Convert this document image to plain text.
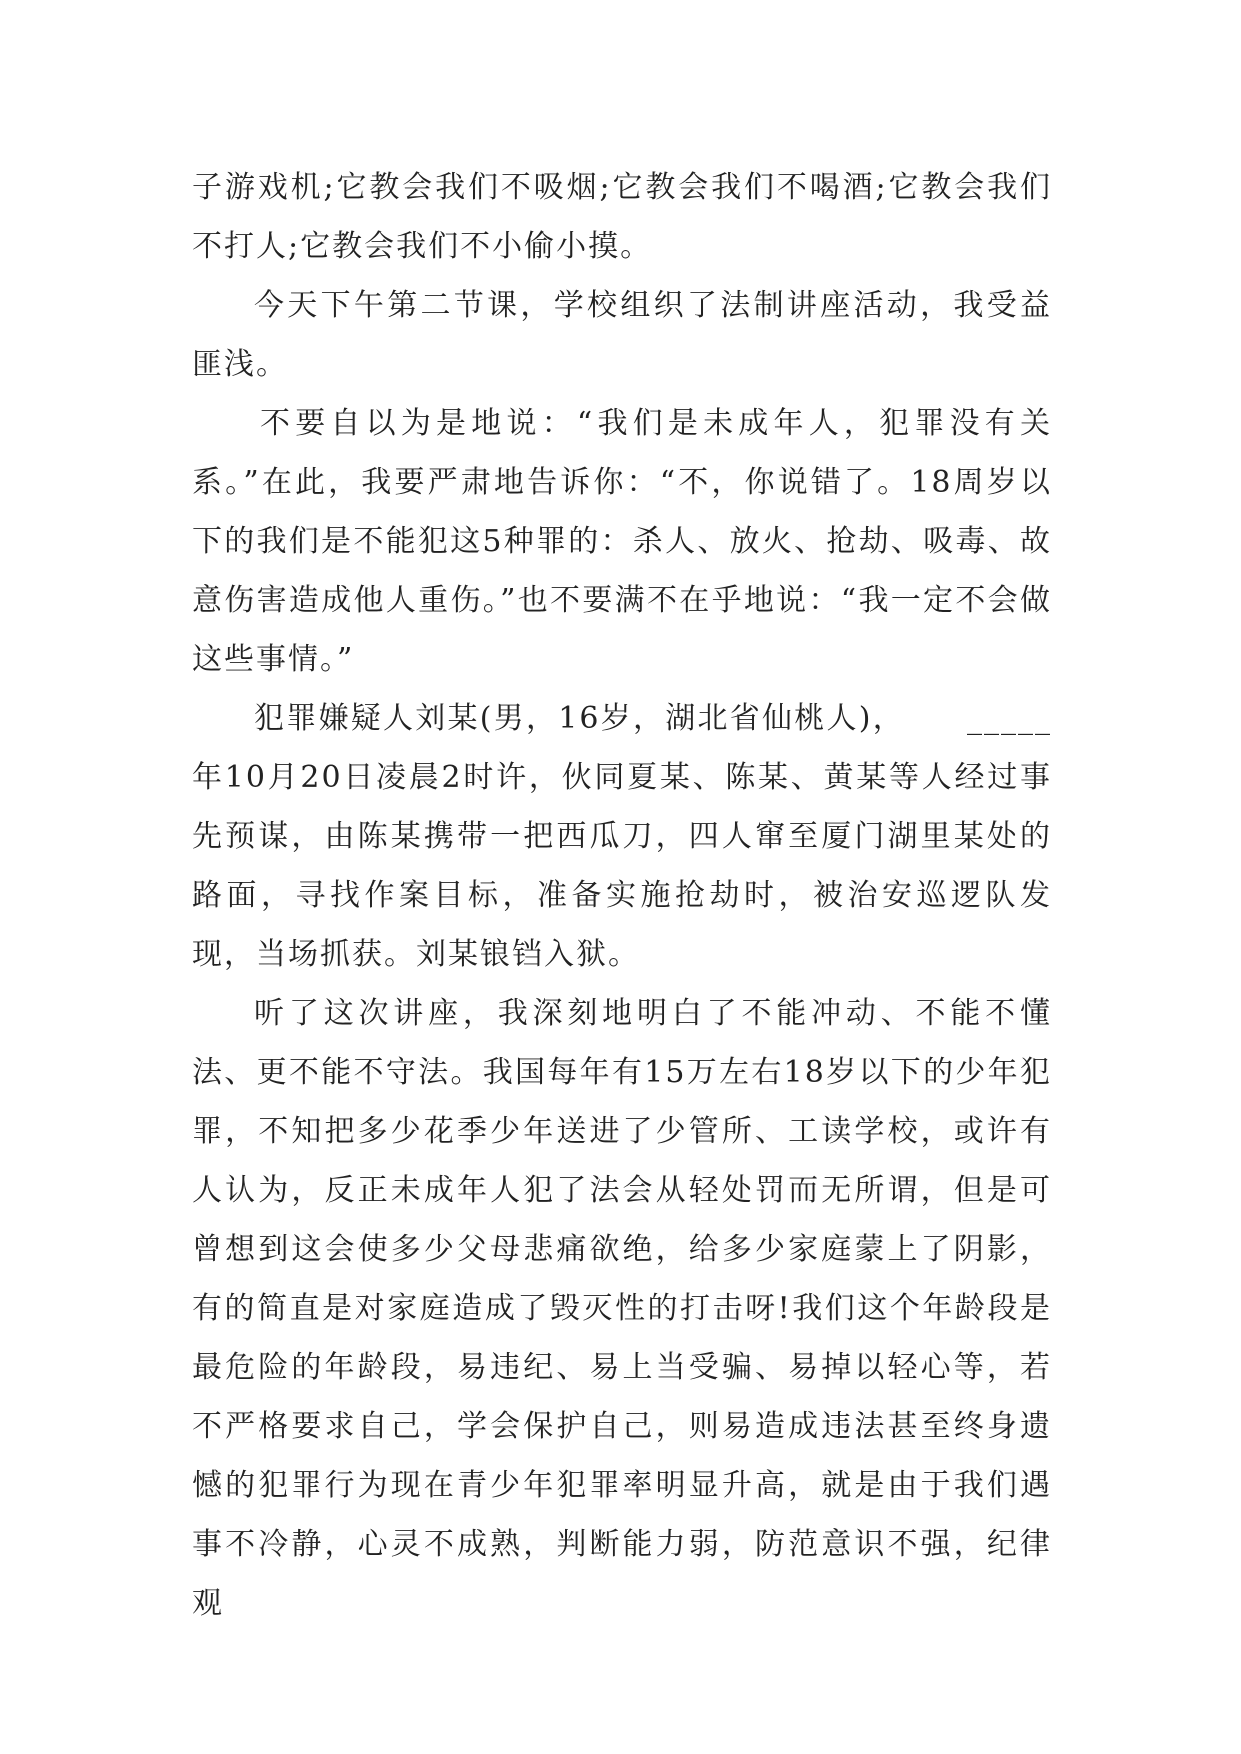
子游戏机;它教会我们不吸烟;它教会我们不喝酒;它教会我们不打人;它教会我们不小偷小摸。

今天下午第二节课，学校组织了法制讲座活动，我受益匪浅。

不要自以为是地说：“我们是未成年人，犯罪没有关系。”在此，我要严肃地告诉你：“不，你说错了。18周岁以下的我们是不能犯这5种罪的：杀人、放火、抢劫、吸毒、故意伤害造成他人重伤。”也不要满不在乎地说：“我一定不会做这些事情。”

犯罪嫌疑人刘某(男，16岁，湖北省仙桃人)， _____年10月20日凌晨2时许，伙同夏某、陈某、黄某等人经过事先预谋，由陈某携带一把西瓜刀，四人窜至厦门湖里某处的路面，寻找作案目标，准备实施抢劫时，被治安巡逻队发现，当场抓获。刘某锒铛入狱。

听了这次讲座，我深刻地明白了不能冲动、不能不懂法、更不能不守法。我国每年有15万左右18岁以下的少年犯罪，不知把多少花季少年送进了少管所、工读学校，或许有人认为，反正未成年人犯了法会从轻处罚而无所谓，但是可曾想到这会使多少父母悲痛欲绝，给多少家庭蒙上了阴影，有的简直是对家庭造成了毁灭性的打击呀!我们这个年龄段是最危险的年龄段，易违纪、易上当受骗、易掉以轻心等，若不严格要求自己，学会保护自己，则易造成违法甚至终身遗憾的犯罪行为现在青少年犯罪率明显升高，就是由于我们遇事不冷静，心灵不成熟，判断能力弱，防范意识不强，纪律观
